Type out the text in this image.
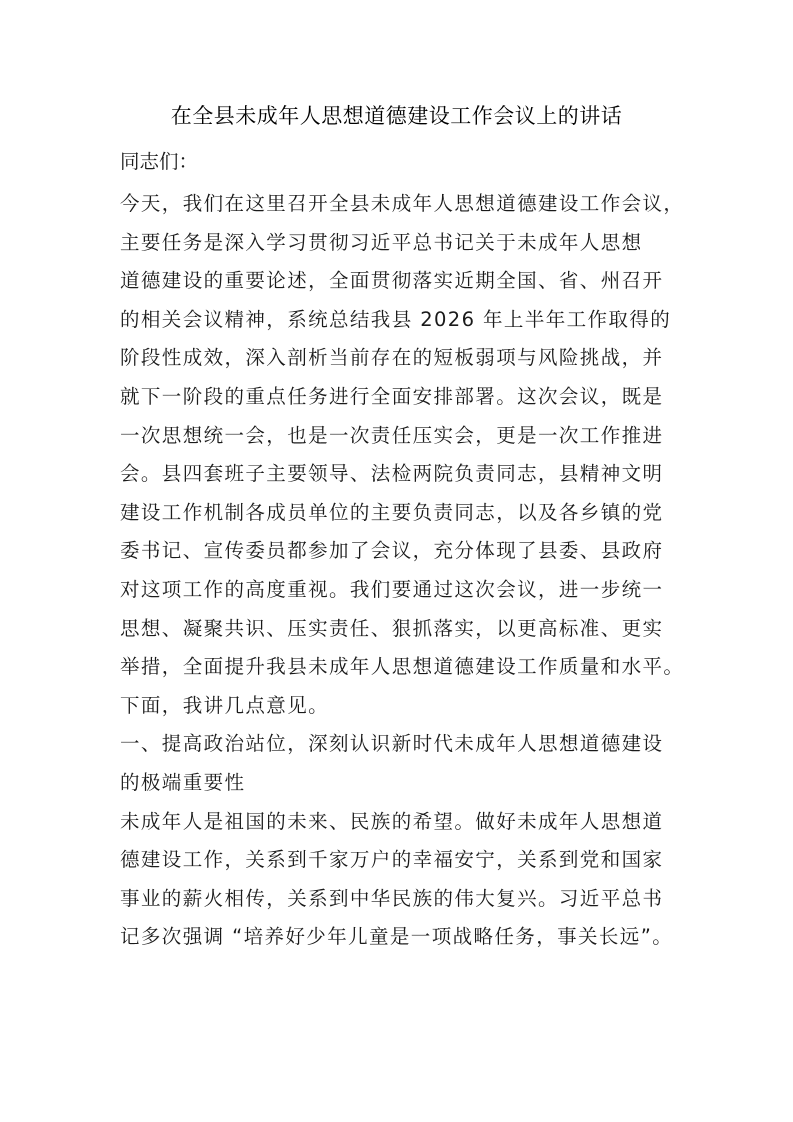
在全县未成年人思想道德建设工作会议上的讲话
同志们：
今天，我们在这里召开全县未成年人思想道德建设工作会议，
主要任务是深入学习贯彻习近平总书记关于未成年人思想
道德建设的重要论述，全面贯彻落实近期全国、省、州召开
的相关会议精神，系统总结我县 2026 年上半年工作取得的
阶段性成效，深入剖析当前存在的短板弱项与风险挑战，并
就下一阶段的重点任务进行全面安排部署。这次会议，既是
一次思想统一会，也是一次责任压实会，更是一次工作推进
会。县四套班子主要领导、法检两院负责同志，县精神文明
建设工作机制各成员单位的主要负责同志，以及各乡镇的党
委书记、宣传委员都参加了会议，充分体现了县委、县政府
对这项工作的高度重视。我们要通过这次会议，进一步统一
思想、凝聚共识、压实责任、狠抓落实，以更高标准、更实
举措，全面提升我县未成年人思想道德建设工作质量和水平。
下面，我讲几点意见。
一、提高政治站位，深刻认识新时代未成年人思想道德建设
的极端重要性
未成年人是祖国的未来、民族的希望。做好未成年人思想道
德建设工作，关系到千家万户的幸福安宁，关系到党和国家
事业的薪火相传，关系到中华民族的伟大复兴。习近平总书
记多次强调 “培养好少年儿童是一项战略任务，事关长远”。
